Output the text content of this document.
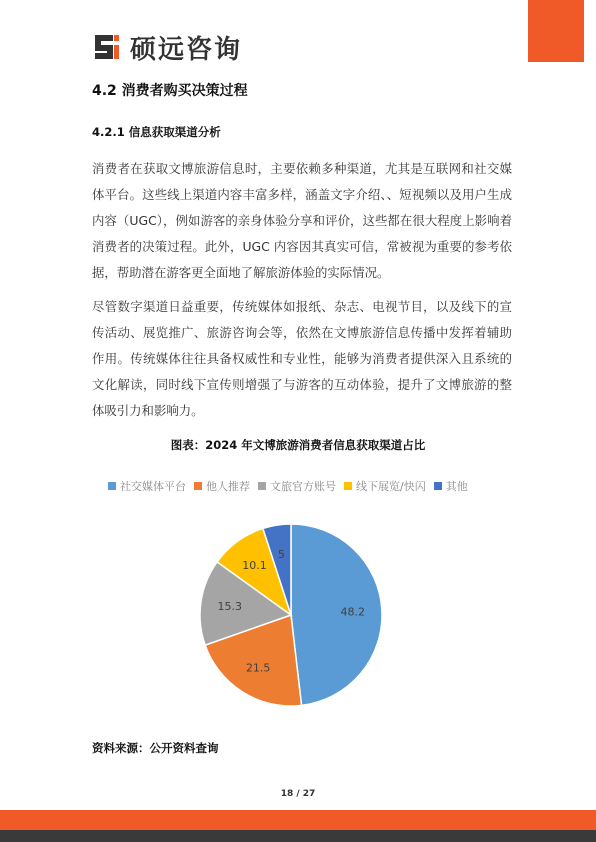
硕远咨询
4.2 消费者购买决策过程
4.2.1 信息获取渠道分析

消费者在获取文博旅游信息时，主要依赖多种渠道，尤其是互联网和社交媒体平台。这些线上渠道内容丰富多样，涵盖文字介绍、、短视频以及用户生成内容（UGC），例如游客的亲身体验分享和评价，这些都在很大程度上影响着消费者的决策过程。此外，UGC 内容因其真实可信，常被视为重要的参考依据，帮助潜在游客更全面地了解旅游体验的实际情况。

尽管数字渠道日益重要，传统媒体如报纸、杂志、电视节目，以及线下的宣传活动、展览推广、旅游咨询会等，依然在文博旅游信息传播中发挥着辅助作用。传统媒体往往具备权威性和专业性，能够为消费者提供深入且系统的文化解读，同时线下宣传则增强了与游客的互动体验，提升了文博旅游的整体吸引力和影响力。

图表：2024 年文博旅游消费者信息获取渠道占比
社交媒体平台 他人推荐 文旅官方账号 线下展览/快闪 其他
48.2
21.5
15.3
10.1
5
资料来源：公开资料查询
18 / 27
